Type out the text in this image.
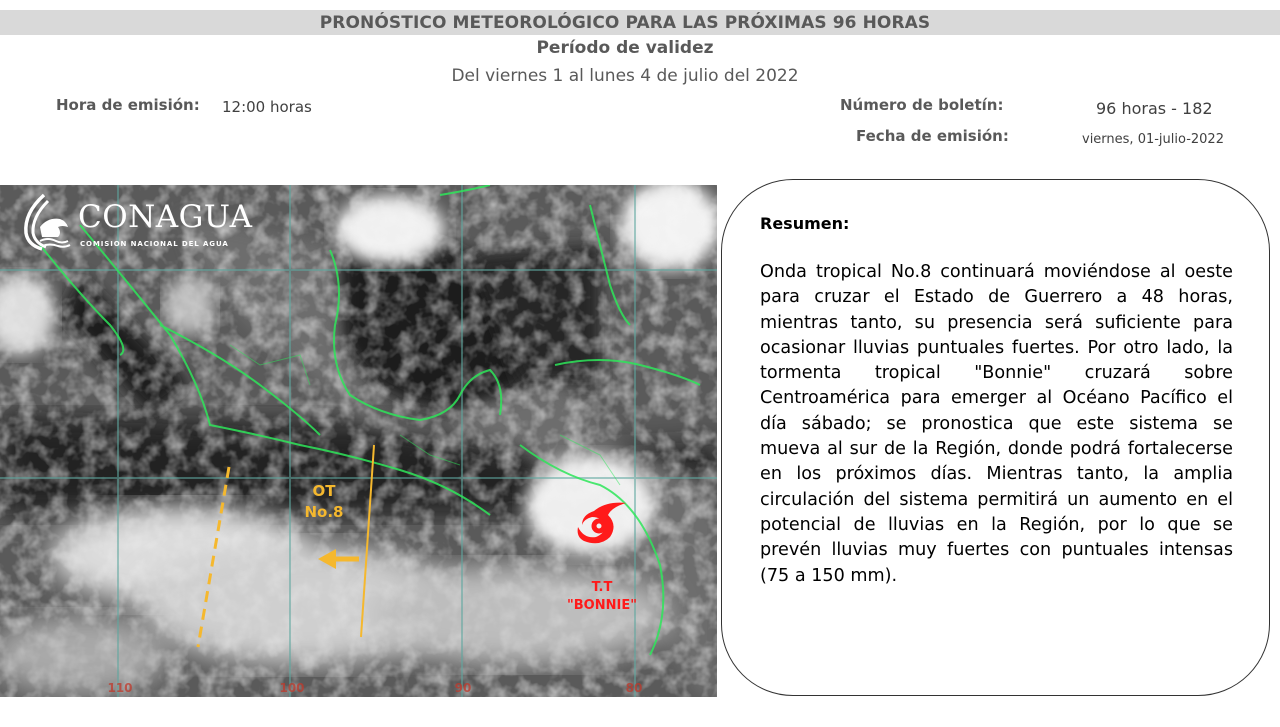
PRONÓSTICO METEOROLÓGICO PARA LAS PRÓXIMAS 96 HORAS
Período de validez
Del viernes 1 al lunes 4 de julio del 2022
Hora de emisión: 12:00 horas	Número de boletín:	96 horas - 182
Fecha de emisión:	viernes, 01-julio-2022
CONAGUA
COMISION NACIONAL DEL AGUA
OT
No.8
T.T
"BONNIE"
110	100	90	80
Resumen:
Onda tropical No.8 continuará moviéndose al oeste para cruzar el Estado de Guerrero a 48 horas, mientras tanto, su presencia será suficiente para ocasionar lluvias puntuales fuertes. Por otro lado, la tormenta tropical "Bonnie" cruzará sobre Centroamérica para emerger al Océano Pacífico el día sábado; se pronostica que este sistema se mueva al sur de la Región, donde podrá fortalecerse en los próximos días. Mientras tanto, la amplia circulación del sistema permitirá un aumento en el potencial de lluvias en la Región, por lo que se prevén lluvias muy fuertes con puntuales intensas (75 a 150 mm).
